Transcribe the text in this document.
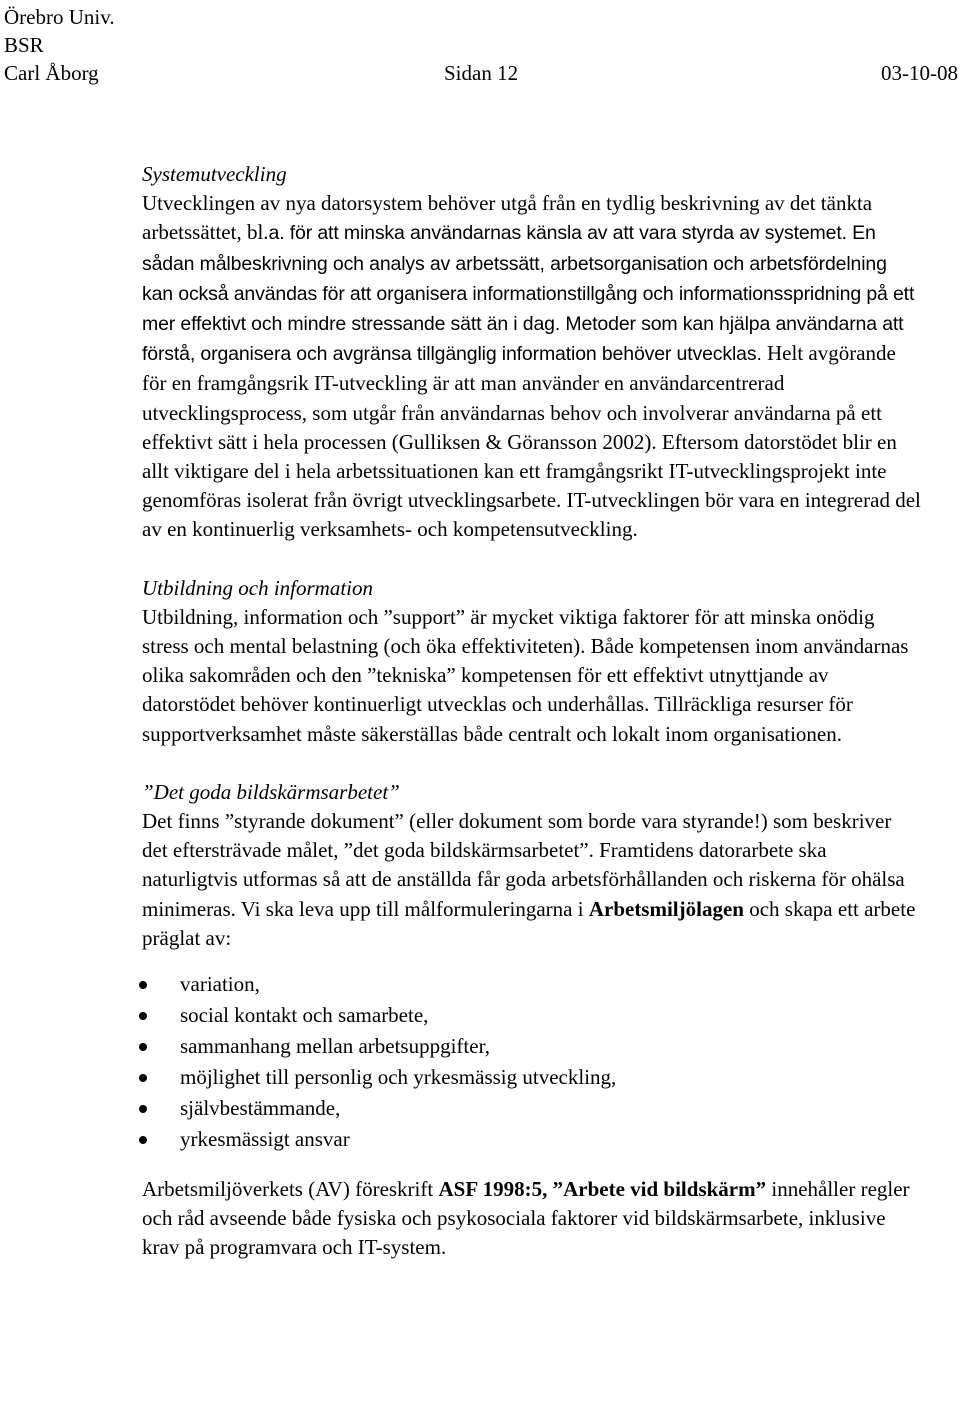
Örebro Univ.
BSR
Carl Åborg	Sidan 12	03-10-08
Systemutveckling

Utvecklingen av nya datorsystem behöver utgå från en tydlig beskrivning av det tänkta arbetssättet, bl.a. för att minska användarnas känsla av att vara styrda av systemet. En sådan målbeskrivning och analys av arbetssätt, arbetsorganisation och arbetsfördelning kan också användas för att organisera informationstillgång och informationsspridning på ett mer effektivt och mindre stressande sätt än i dag. Metoder som kan hjälpa användarna att förstå, organisera och avgränsa tillgänglig information behöver utvecklas. Helt avgörande för en framgångsrik IT-utveckling är att man använder en användarcentrerad utvecklingsprocess, som utgår från användarnas behov och involverar användarna på ett effektivt sätt i hela processen (Gulliksen & Göransson 2002). Eftersom datorstödet blir en allt viktigare del i hela arbetssituationen kan ett framgångsrikt IT-utvecklingsprojekt inte genomföras isolerat från övrigt utvecklingsarbete. IT-utvecklingen bör vara en integrerad del av en kontinuerlig verksamhets- och kompetensutveckling.

Utbildning och information

Utbildning, information och ”support” är mycket viktiga faktorer för att minska onödig stress och mental belastning (och öka effektiviteten). Både kompetensen inom användarnas olika sakområden och den ”tekniska” kompetensen för ett effektivt utnyttjande av datorstödet behöver kontinuerligt utvecklas och underhållas. Tillräckliga resurser för supportverksamhet måste säkerställas både centralt och lokalt inom organisationen.

”Det goda bildskärmsarbetet”

Det finns ”styrande dokument” (eller dokument som borde vara styrande!) som beskriver det eftersträvade målet, ”det goda bildskärmsarbetet”. Framtidens datorarbete ska naturligtvis utformas så att de anställda får goda arbetsförhållanden och riskerna för ohälsa minimeras. Vi ska leva upp till målformuleringarna i Arbetsmiljölagen och skapa ett arbete präglat av:

variation,
social kontakt och samarbete,
sammanhang mellan arbetsuppgifter,
möjlighet till personlig och yrkesmässig utveckling,
självbestämmande,
yrkesmässigt ansvar

Arbetsmiljöverkets (AV) föreskrift ASF 1998:5, ”Arbete vid bildskärm” innehåller regler och råd avseende både fysiska och psykosociala faktorer vid bildskärmsarbete, inklusive krav på programvara och IT-system.
